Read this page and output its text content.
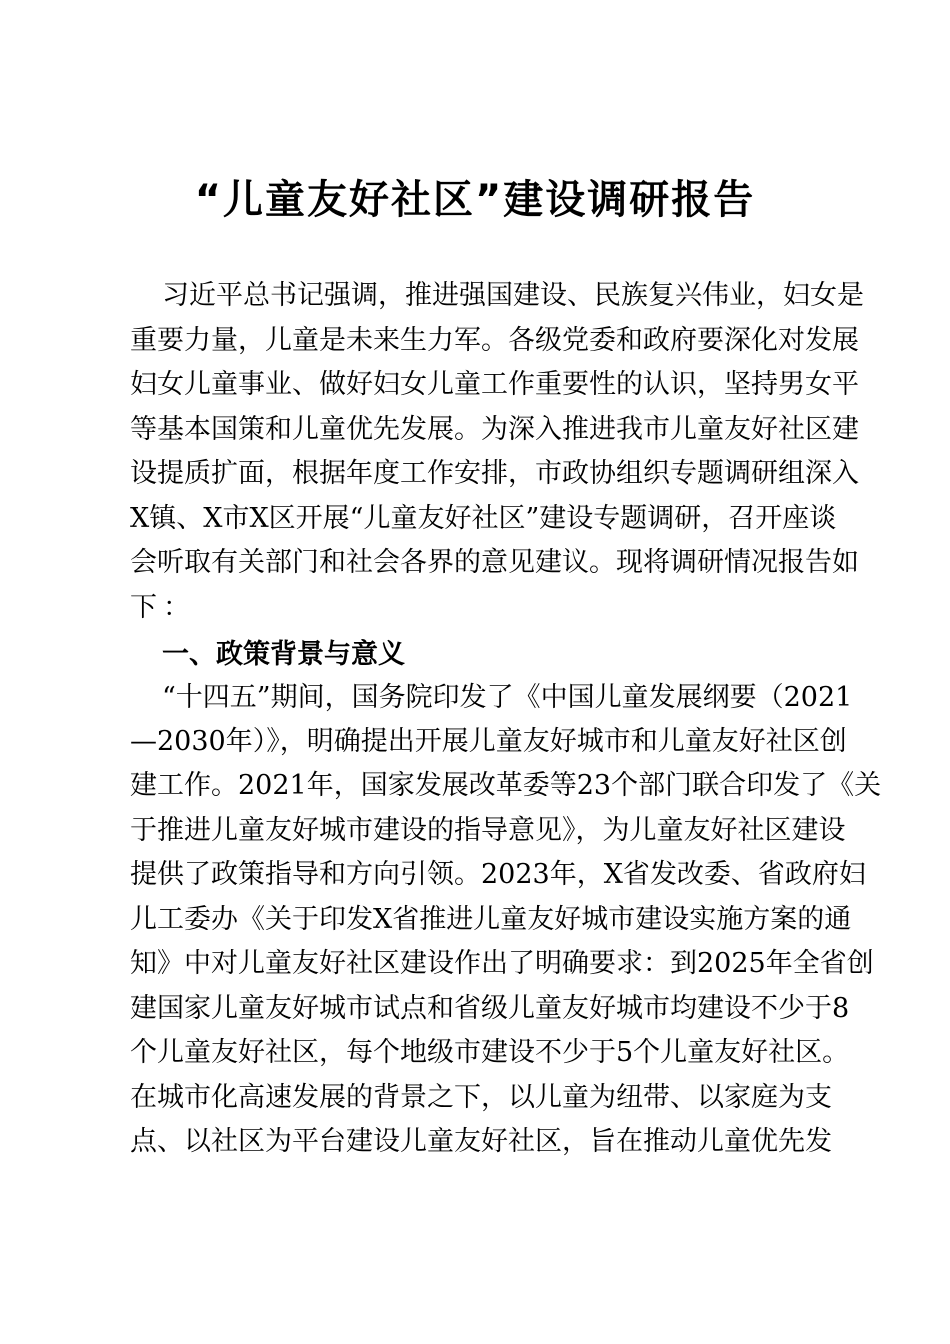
“儿童友好社区”建设调研报告
习近平总书记强调，推进强国建设、民族复兴伟业，妇女是
重要力量，儿童是未来生力军。各级党委和政府要深化对发展
妇女儿童事业、做好妇女儿童工作重要性的认识，坚持男女平
等基本国策和儿童优先发展。为深入推进我市儿童友好社区建
设提质扩面，根据年度工作安排，市政协组织专题调研组深入
X镇、X市X区开展“儿童友好社区”建设专题调研，召开座谈
会听取有关部门和社会各界的意见建议。现将调研情况报告如
下：
一、政策背景与意义
“十四五”期间，国务院印发了《中国儿童发展纲要（2021
—2030年）》，明确提出开展儿童友好城市和儿童友好社区创
建工作。2021年，国家发展改革委等23个部门联合印发了《关
于推进儿童友好城市建设的指导意见》，为儿童友好社区建设
提供了政策指导和方向引领。2023年，X省发改委、省政府妇
儿工委办《关于印发X省推进儿童友好城市建设实施方案的通
知》中对儿童友好社区建设作出了明确要求：到2025年全省创
建国家儿童友好城市试点和省级儿童友好城市均建设不少于8
个儿童友好社区，每个地级市建设不少于5个儿童友好社区。
在城市化高速发展的背景之下，以儿童为纽带、以家庭为支
点、以社区为平台建设儿童友好社区，旨在推动儿童优先发
